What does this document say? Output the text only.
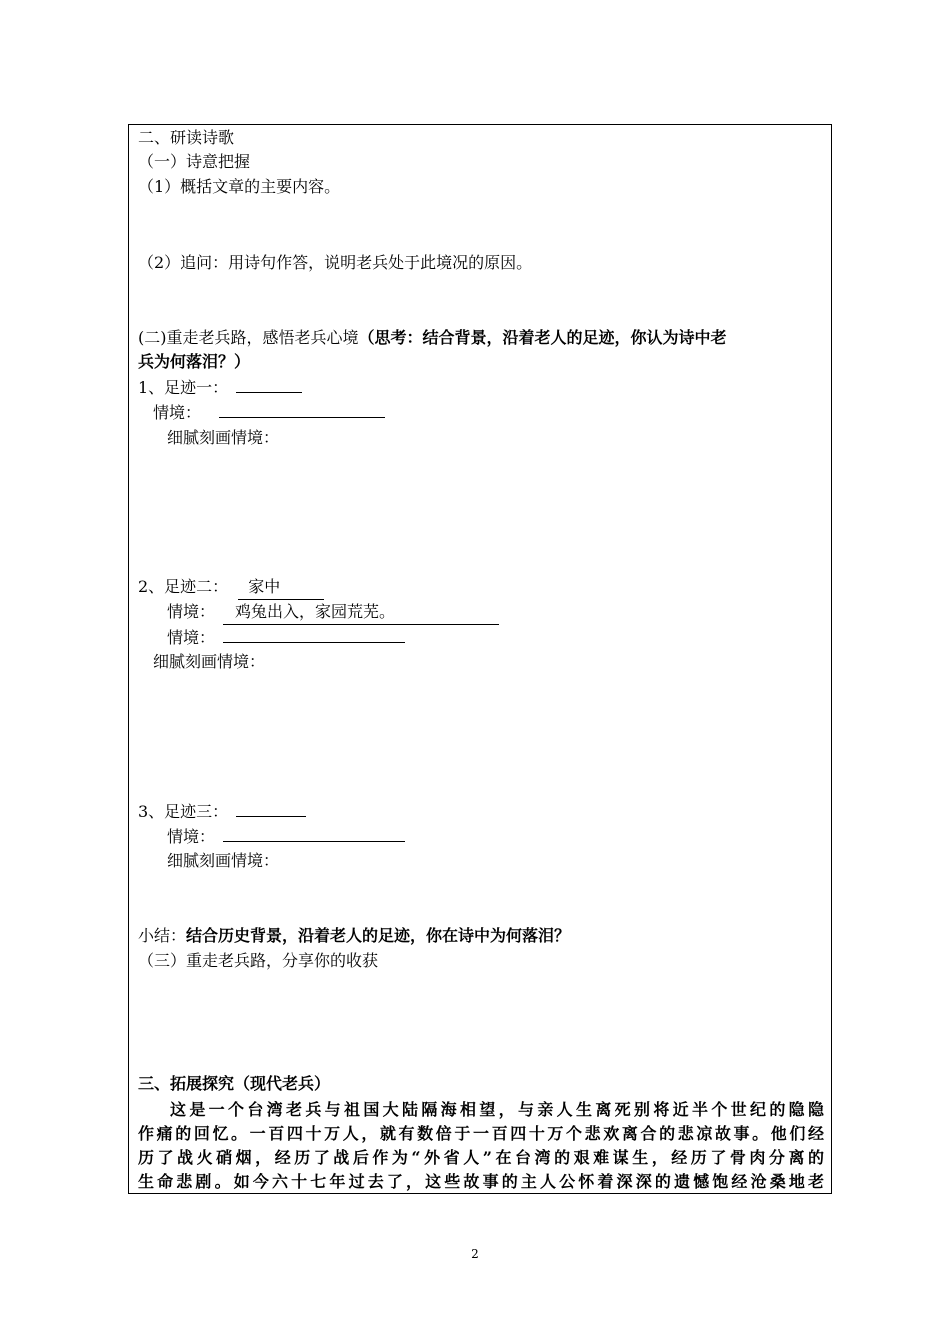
二、研读诗歌
（一）诗意把握
（1）概括文章的主要内容。
（2）追问：用诗句作答，说明老兵处于此境况的原因。
(二)重走老兵路，感悟老兵心境（思考：结合背景，沿着老人的足迹，你认为诗中老
兵为何落泪？）
1、足迹一：
情境：
细腻刻画情境：
2、足迹二： 家中
情境： 鸡兔出入，家园荒芜。
情境：
细腻刻画情境：
3、足迹三：
情境：
细腻刻画情境：
小结：结合历史背景，沿着老人的足迹，你在诗中为何落泪？
（三）重走老兵路，分享你的收获
三、拓展探究（现代老兵）
这是一个台湾老兵与祖国大陆隔海相望，与亲人生离死别将近半个世纪的隐隐
作痛的回忆。一百四十万人，就有数倍于一百四十万个悲欢离合的悲凉故事。他们经
历了战火硝烟，经历了战后作为“外省人”在台湾的艰难谋生，经历了骨肉分离的
生命悲剧。如今六十七年过去了，这些故事的主人公怀着深深的遗憾饱经沧桑地老
2
